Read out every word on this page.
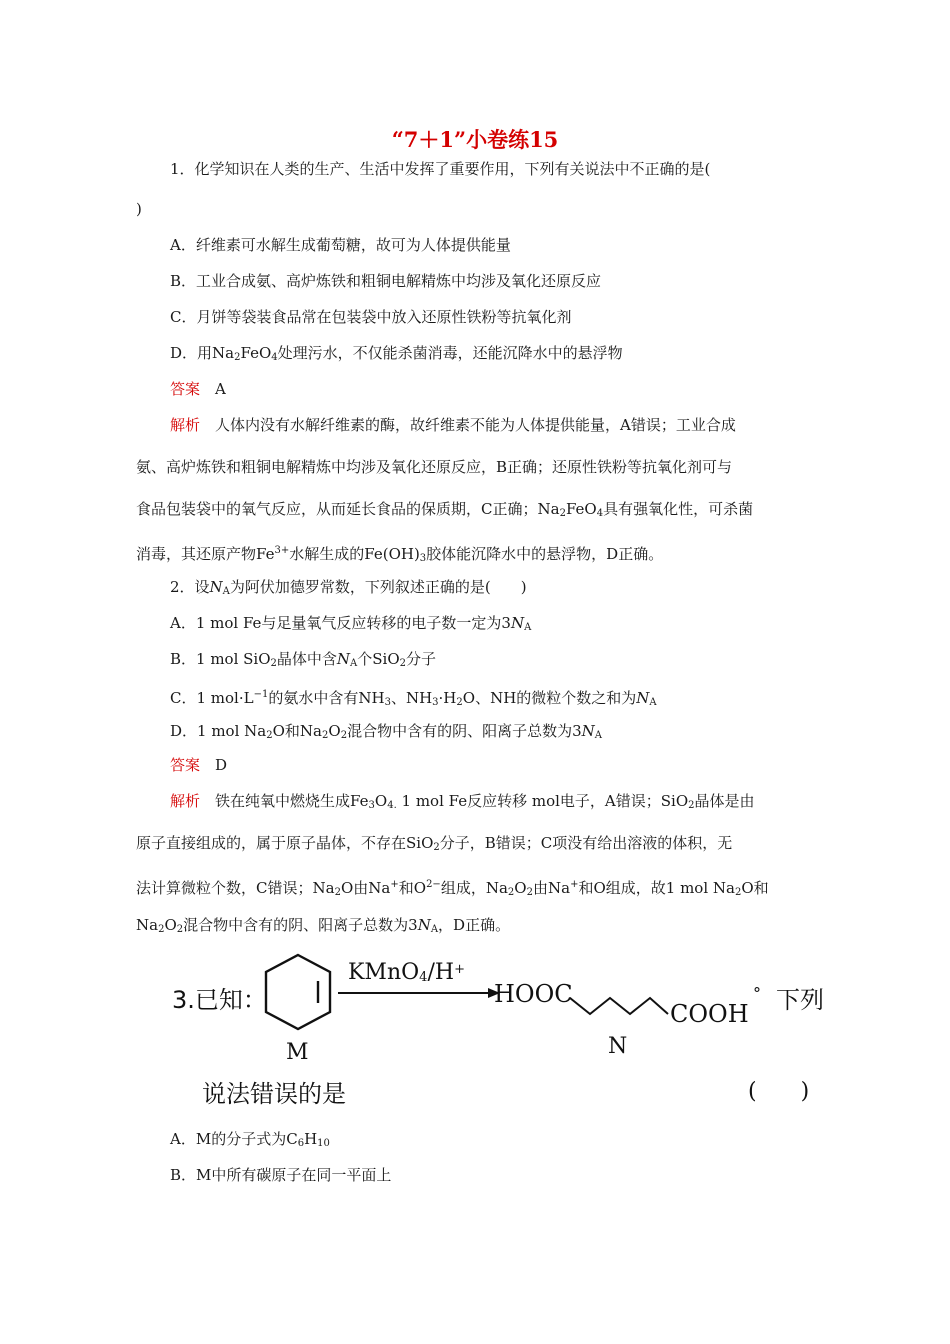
“7＋1”小卷练15
1．化学知识在人类的生产、生活中发挥了重要作用，下列有关说法中不正确的是(
)
A．纤维素可水解生成葡萄糖，故可为人体提供能量
B．工业合成氨、高炉炼铁和粗铜电解精炼中均涉及氧化还原反应
C．月饼等袋装食品常在包装袋中放入还原性铁粉等抗氧化剂
D．用$Na_2FeO_4$处理污水，不仅能杀菌消毒，还能沉降水中的悬浮物
答案　 A
解析　 人体内没有水解纤维素的酶，故纤维素不能为人体提供能量，A错误；工业合成
氨、高炉炼铁和粗铜电解精炼中均涉及氧化还原反应，B正确；还原性铁粉等抗氧化剂可与
食品包装袋中的氧气反应，从而延长食品的保质期，C正确；$Na_2FeO_4$具有强氧化性，可杀菌
消毒，其还原产物$Fe^{3+}$水解生成的$Fe(OH)_3$胶体能沉降水中的悬浮物，D正确。
2．设$N_A$为阿伏加德罗常数，下列叙述正确的是(　　)
A．1 mol Fe与足量氧气反应转移的电子数一定为$3N_A$
B．1 mol SiO$_2$晶体中含$N_A$个SiO$_2$分子
C．1 $mol\cdot L^{-1}$的氨水中含有$NH_3$、$NH_3\cdot H_2O$、NH的微粒个数之和为$N_A$
D．1 mol $Na_2O$和$Na_2O_2$混合物中含有的阴、阳离子总数为$3N_A$
答案　 D
解析　 铁在纯氧中燃烧生成$Fe_3O_{4.}$ 1 mol Fe反应转移 mol电子，A错误；SiO$_2$晶体是由
原子直接组成的，属于原子晶体，不存在SiO$_2$分子，B错误；C项没有给出溶液的体积，无
法计算微粒个数，C错误；$Na_2O$由Na+和$O^{2-}$组成，$Na_2O_2$由Na+和O组成，故1 mol $Na_2O$和
$Na_2O_2$混合物中含有的阴、阳离子总数为$3N_A$，D正确。
3.已知：
KMnO$_4$/H+
HOOC
COOH
° 下列
M	N
说法错误的是	(　　)
A．M的分子式为$C_6H_{10}$
B．M中所有碳原子在同一平面上
